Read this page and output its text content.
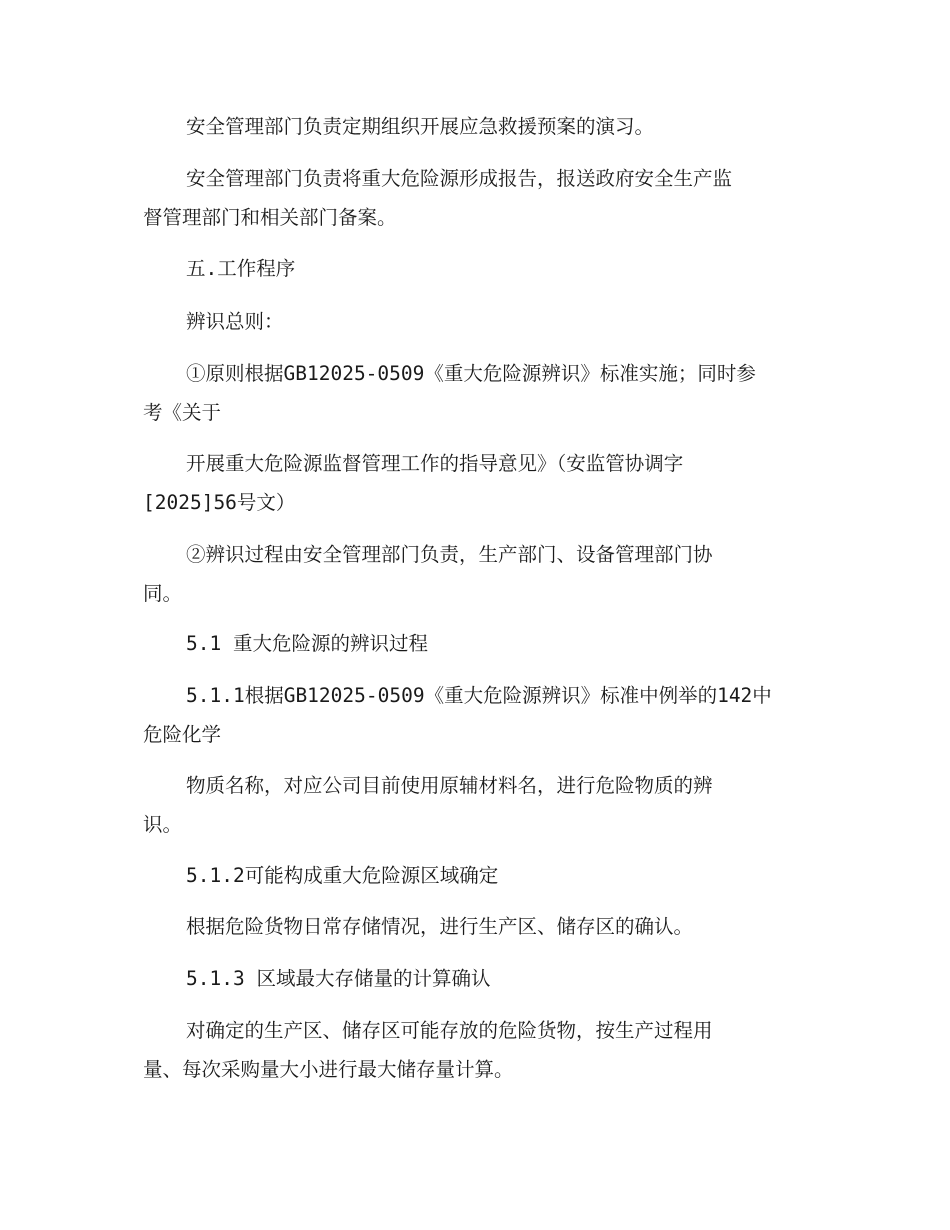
安全管理部门负责定期组织开展应急救援预案的演习。
安全管理部门负责将重大危险源形成报告，报送政府安全生产监
督管理部门和相关部门备案。
五.工作程序
辨识总则：
①原则根据GB12025-0509《重大危险源辨识》标准实施；同时参
考《关于
开展重大危险源监督管理工作的指导意见》（安监管协调字
[2025]56号文）
②辨识过程由安全管理部门负责，生产部门、设备管理部门协
同。
5.1 重大危险源的辨识过程
5.1.1根据GB12025-0509《重大危险源辨识》标准中例举的142中
危险化学
物质名称，对应公司目前使用原辅材料名，进行危险物质的辨
识。
5.1.2可能构成重大危险源区域确定
根据危险货物日常存储情况，进行生产区、储存区的确认。
5.1.3 区域最大存储量的计算确认
对确定的生产区、储存区可能存放的危险货物，按生产过程用
量、每次采购量大小进行最大储存量计算。
